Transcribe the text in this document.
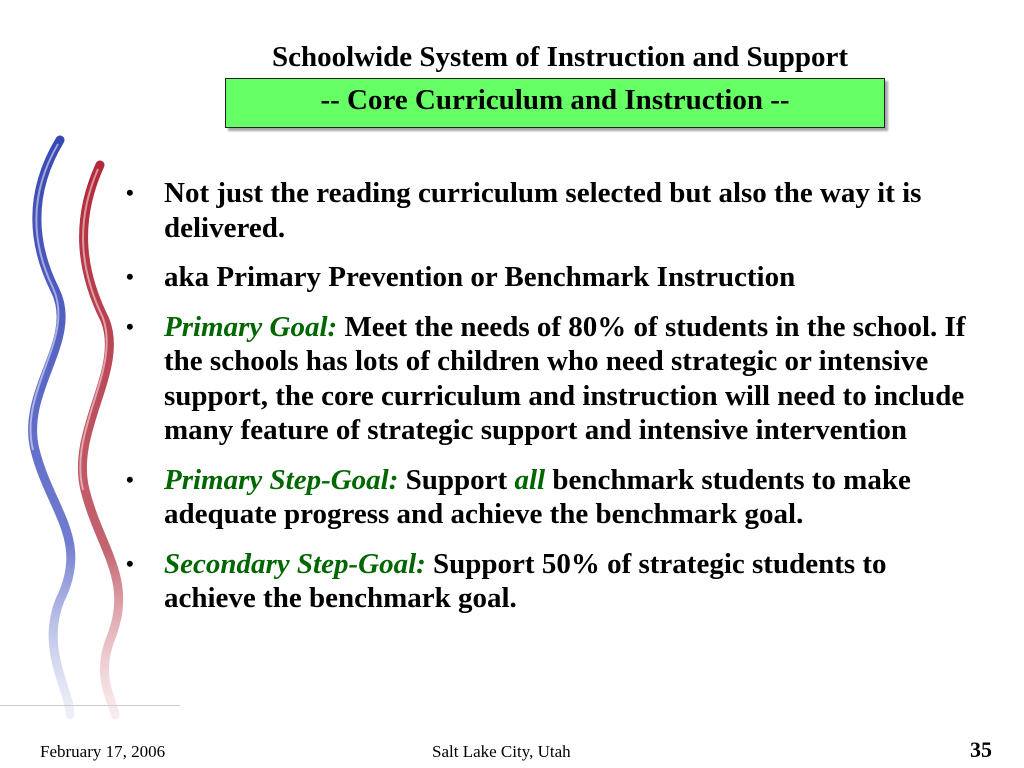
Schoolwide System of Instruction and Support
-- Core Curriculum and Instruction --
• Not just the reading curriculum selected but also the way it is delivered.
• aka Primary Prevention or Benchmark Instruction
• Primary Goal: Meet the needs of 80% of students in the school. If the schools has lots of children who need strategic or intensive support, the core curriculum and instruction will need to include many feature of strategic support and intensive intervention
• Primary Step-Goal: Support all benchmark students to make adequate progress and achieve the benchmark goal.
• Secondary Step-Goal: Support 50% of strategic students to achieve the benchmark goal.
February 17, 2006	Salt Lake City, Utah	35
